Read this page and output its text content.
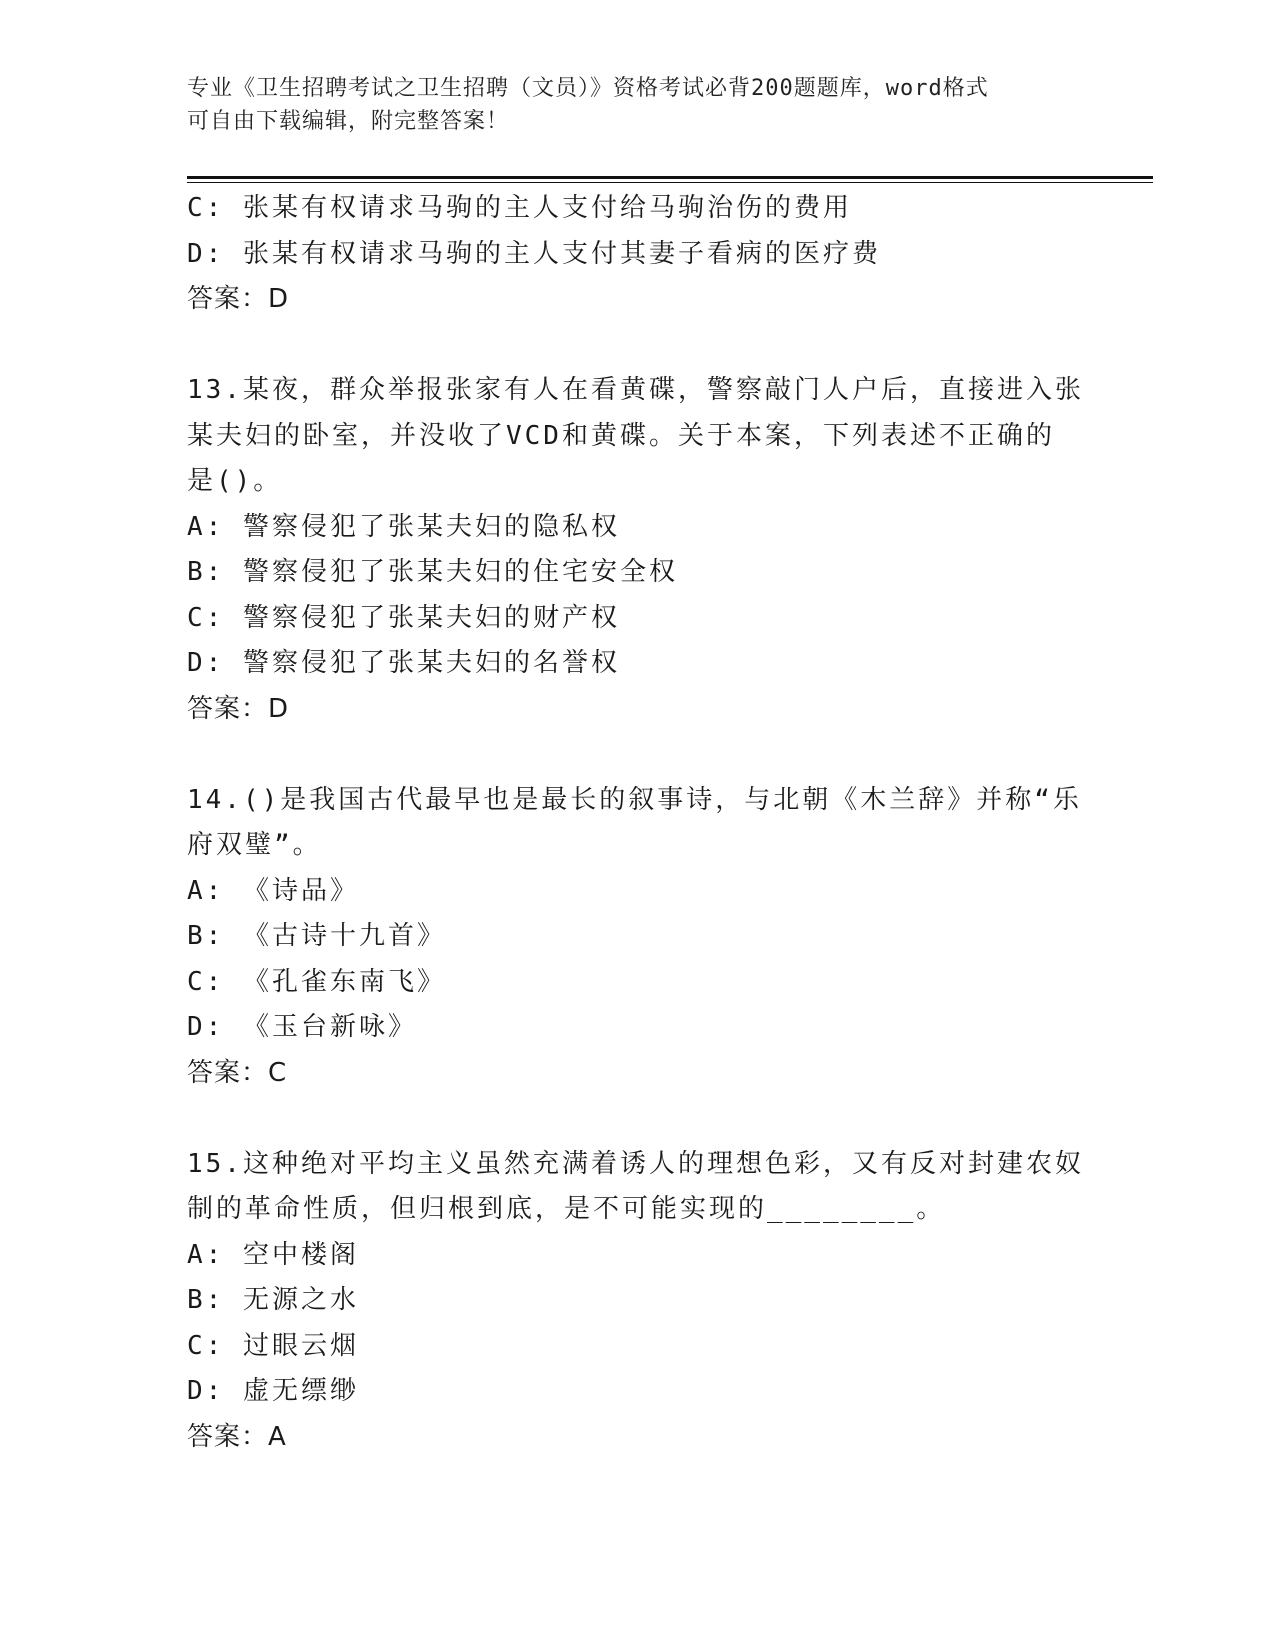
专业《卫生招聘考试之卫生招聘（文员）》资格考试必背200题题库，word格式
可自由下载编辑，附完整答案！
C: 张某有权请求马驹的主人支付给马驹治伤的费用
D: 张某有权请求马驹的主人支付其妻子看病的医疗费
答案：D
13.某夜，群众举报张家有人在看黄碟，警察敲门人户后，直接进入张
某夫妇的卧室，并没收了VCD和黄碟。关于本案，下列表述不正确的
是()。
A: 警察侵犯了张某夫妇的隐私权
B: 警察侵犯了张某夫妇的住宅安全权
C: 警察侵犯了张某夫妇的财产权
D: 警察侵犯了张某夫妇的名誉权
答案：D
14.()是我国古代最早也是最长的叙事诗，与北朝《木兰辞》并称“乐
府双璧”。
A: 《诗品》
B: 《古诗十九首》
C: 《孔雀东南飞》
D: 《玉台新咏》
答案：C
15.这种绝对平均主义虽然充满着诱人的理想色彩，又有反对封建农奴
制的革命性质，但归根到底，是不可能实现的________。
A: 空中楼阁
B: 无源之水
C: 过眼云烟
D: 虚无缥缈
答案：A
